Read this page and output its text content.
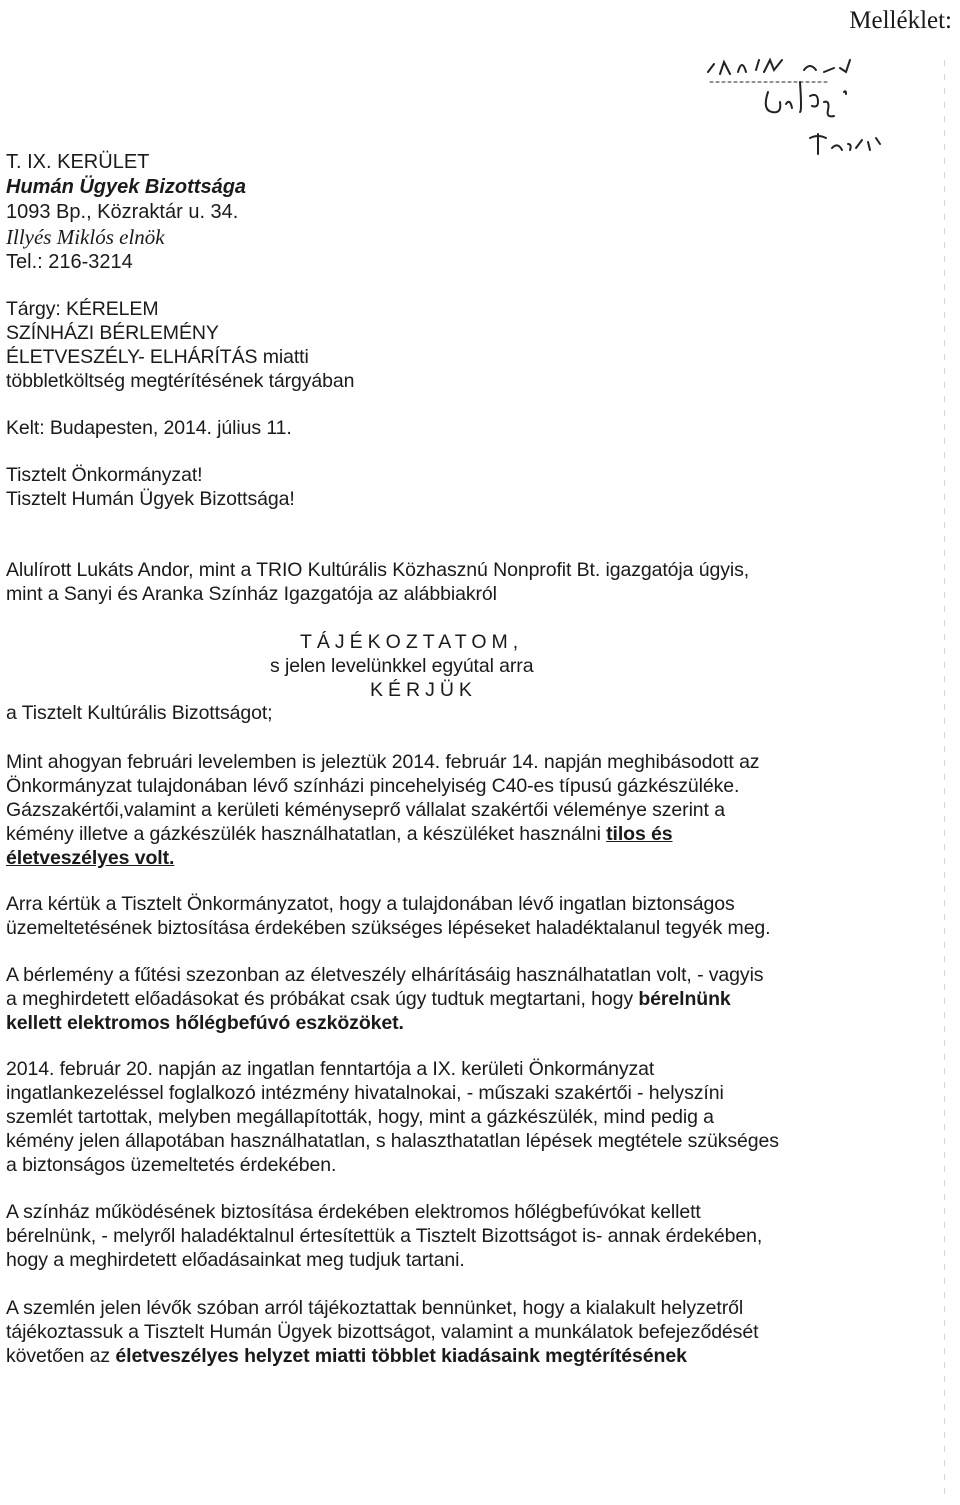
Melléklet:
T. IX. KERÜLET
Humán Ügyek Bizottsága
1093 Bp., Közraktár u. 34.
Illyés Miklós elnök
Tel.: 216-3214
Tárgy: KÉRELEM
SZÍNHÁZI BÉRLEMÉNY
ÉLETVESZÉLY- ELHÁRÍTÁS miatti
többletköltség megtérítésének tárgyában
Kelt: Budapesten, 2014. július 11.
Tisztelt Önkormányzat!
Tisztelt Humán Ügyek Bizottsága!
Alulírott Lukáts Andor, mint a TRIO Kultúrális Közhasznú Nonprofit Bt. igazgatója úgyis,
mint a Sanyi és Aranka Színház Igazgatója az alábbiakról
TÁJÉKOZTATOM,
s jelen levelünkkel egyútal arra
KÉRJÜK
a Tisztelt Kultúrális Bizottságot;
Mint ahogyan februári levelemben is jeleztük 2014. február 14. napján meghibásodott az
Önkormányzat tulajdonában lévő színházi pincehelyiség C40-es típusú gázkészüléke.
Gázszakértői,valamint a kerületi kéményseprő vállalat szakértői véleménye szerint a
kémény illetve a gázkészülék használhatatlan, a készüléket használni tilos és
életveszélyes volt.
Arra kértük a Tisztelt Önkormányzatot, hogy a tulajdonában lévő ingatlan biztonságos
üzemeltetésének biztosítása érdekében szükséges lépéseket haladéktalanul tegyék meg.
A bérlemény a fűtési szezonban az életveszély elhárításáig használhatatlan volt, - vagyis
a meghirdetett előadásokat és próbákat csak úgy tudtuk megtartani, hogy bérelnünk
kellett elektromos hőlégbefúvó eszközöket.
2014. február 20. napján az ingatlan fenntartója a IX. kerületi Önkormányzat
ingatlankezeléssel foglalkozó intézmény hivatalnokai, - műszaki szakértői - helyszíni
szemlét tartottak, melyben megállapították, hogy, mint a gázkészülék, mind pedig a
kémény jelen állapotában használhatatlan, s halaszthatatlan lépések megtétele szükséges
a biztonságos üzemeltetés érdekében.
A színház működésének biztosítása érdekében elektromos hőlégbefúvókat kellett
bérelnünk, - melyről haladéktalnul értesítettük a Tisztelt Bizottságot is- annak érdekében,
hogy a meghirdetett előadásainkat meg tudjuk tartani.
A szemlén jelen lévők szóban arról tájékoztattak bennünket, hogy a kialakult helyzetről
tájékoztassuk a Tisztelt Humán Ügyek bizottságot, valamint a munkálatok befejeződését
követően az életveszélyes helyzet miatti többlet kiadásaink megtérítésének
